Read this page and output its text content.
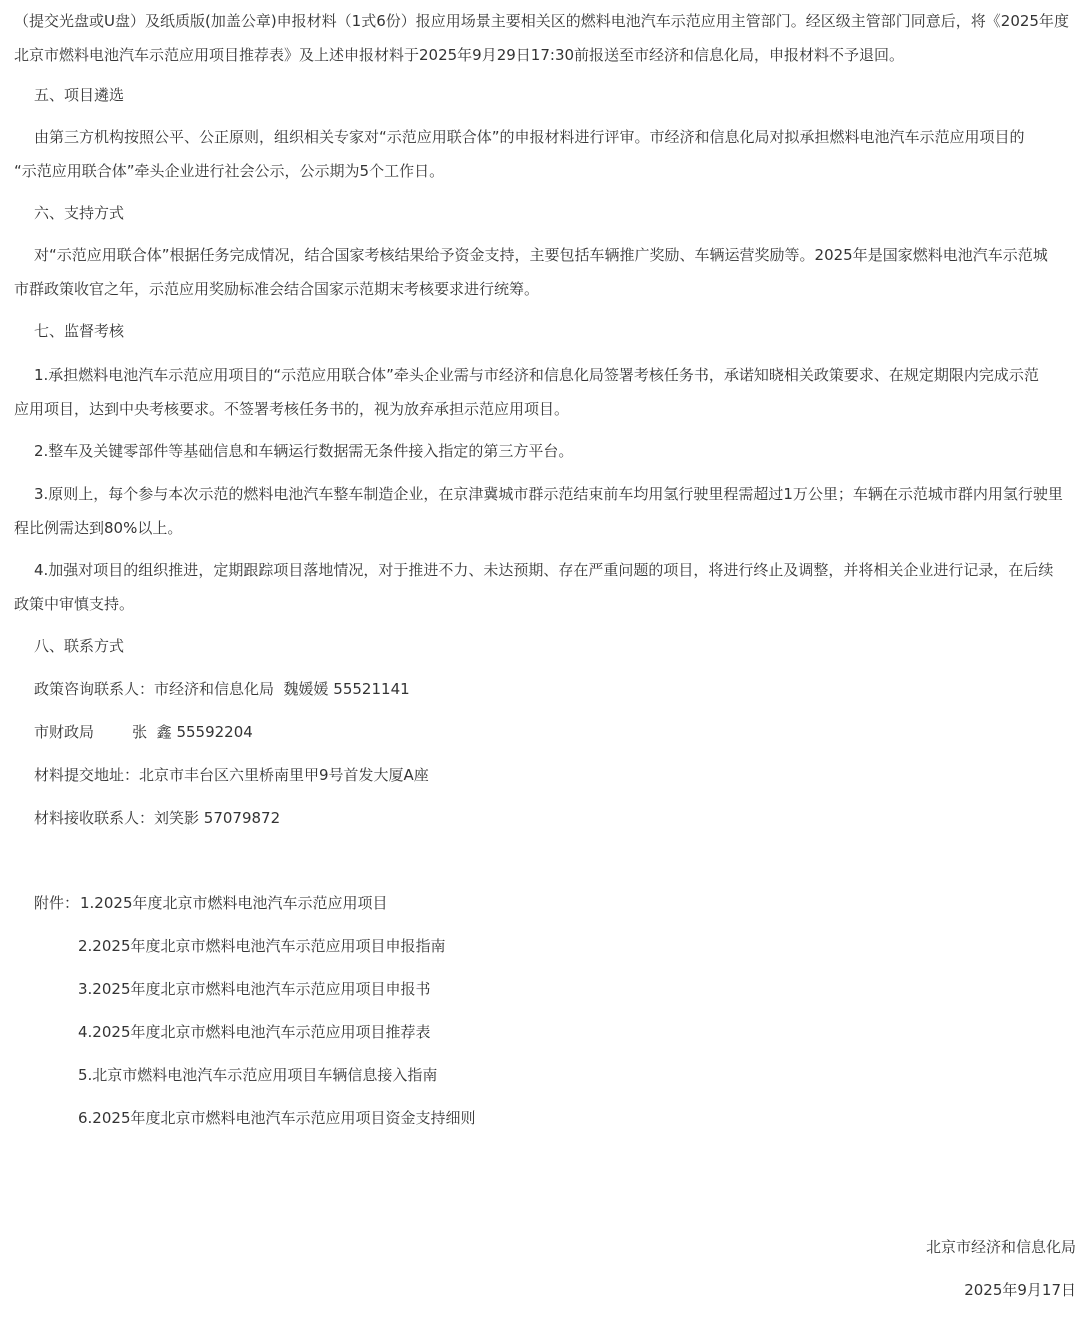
（提交光盘或U盘）及纸质版(加盖公章)申报材料（1式6份）报应用场景主要相关区的燃料电池汽车示范应用主管部门。经区级主管部门同意后，将《2025年度
北京市燃料电池汽车示范应用项目推荐表》及上述申报材料于2025年9月29日17:30前报送至市经济和信息化局，申报材料不予退回。

五、项目遴选

由第三方机构按照公平、公正原则，组织相关专家对“示范应用联合体”的申报材料进行评审。市经济和信息化局对拟承担燃料电池汽车示范应用项目的
“示范应用联合体”牵头企业进行社会公示，公示期为5个工作日。

六、支持方式

对“示范应用联合体”根据任务完成情况，结合国家考核结果给予资金支持，主要包括车辆推广奖励、车辆运营奖励等。2025年是国家燃料电池汽车示范城
市群政策收官之年，示范应用奖励标准会结合国家示范期末考核要求进行统筹。

七、监督考核

1.承担燃料电池汽车示范应用项目的“示范应用联合体”牵头企业需与市经济和信息化局签署考核任务书，承诺知晓相关政策要求、在规定期限内完成示范
应用项目，达到中央考核要求。不签署考核任务书的，视为放弃承担示范应用项目。

2.整车及关键零部件等基础信息和车辆运行数据需无条件接入指定的第三方平台。

3.原则上，每个参与本次示范的燃料电池汽车整车制造企业，在京津冀城市群示范结束前车均用氢行驶里程需超过1万公里；车辆在示范城市群内用氢行驶里
程比例需达到80%以上。

4.加强对项目的组织推进，定期跟踪项目落地情况，对于推进不力、未达预期、存在严重问题的项目，将进行终止及调整，并将相关企业进行记录，在后续
政策中审慎支持。

八、联系方式

政策咨询联系人：市经济和信息化局  魏媛媛 55521141

市财政局        张  鑫 55592204

材料提交地址：北京市丰台区六里桥南里甲9号首发大厦A座

材料接收联系人：刘笑影 57079872

附件： 1.2025年度北京市燃料电池汽车示范应用项目
2.2025年度北京市燃料电池汽车示范应用项目申报指南
3.2025年度北京市燃料电池汽车示范应用项目申报书
4.2025年度北京市燃料电池汽车示范应用项目推荐表
5.北京市燃料电池汽车示范应用项目车辆信息接入指南
6.2025年度北京市燃料电池汽车示范应用项目资金支持细则
北京市经济和信息化局
2025年9月17日
